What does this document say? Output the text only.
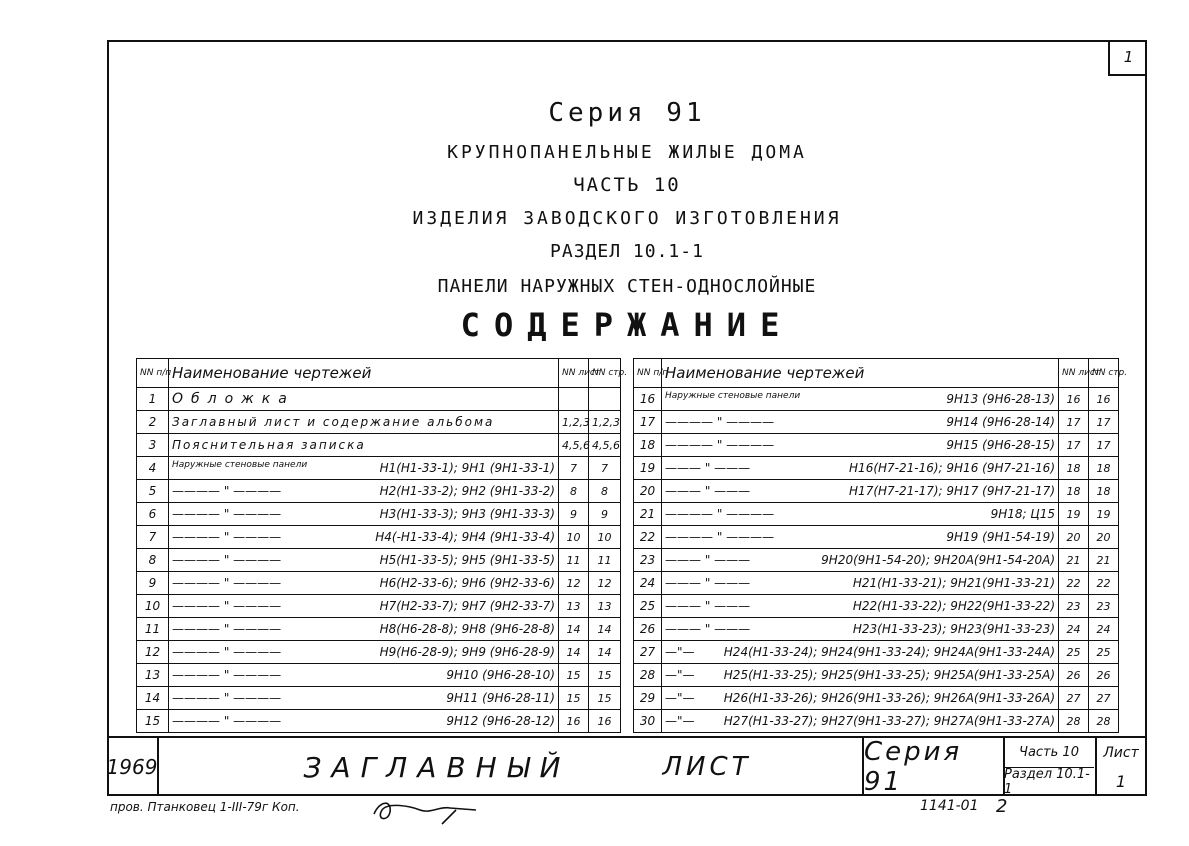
1
Серия 91
КРУПНОПАНЕЛЬНЫЕ ЖИЛЫЕ ДОМА
ЧАСТЬ 10
ИЗДЕЛИЯ ЗАВОДСКОГО ИЗГОТОВЛЕНИЯ
РАЗДЕЛ 10.1-1
ПАНЕЛИ НАРУЖНЫХ СТЕН-ОДНОСЛОЙНЫЕ
СОДЕРЖАНИЕ
NN п/п	Наименование чертежей	NN лист	NN стр.
1	Обложка		
2	Заглавный лист и содержание альбома	1,2,3	1,2,3
3	Пояснительная записка	4,5,6	4,5,6
4	Наружные стеновые панели Н1(Н1-33-1); 9Н1 (9Н1-33-1)	7	7
5	———— " ———— Н2(Н1-33-2); 9Н2 (9Н1-33-2)	8	8
6	———— " ———— Н3(Н1-33-3); 9Н3 (9Н1-33-3)	9	9
7	———— " ———— Н4(-Н1-33-4); 9Н4 (9Н1-33-4)	10	10
8	———— " ———— Н5(Н1-33-5); 9Н5 (9Н1-33-5)	11	11
9	———— " ———— Н6(Н2-33-6); 9Н6 (9Н2-33-6)	12	12
10	———— " ———— Н7(Н2-33-7); 9Н7 (9Н2-33-7)	13	13
11	———— " ———— Н8(Н6-28-8); 9Н8 (9Н6-28-8)	14	14
12	———— " ———— Н9(Н6-28-9); 9Н9 (9Н6-28-9)	14	14
13	———— " ———— 9Н10 (9Н6-28-10)	15	15
14	———— " ———— 9Н11 (9Н6-28-11)	15	15
15	———— " ———— 9Н12 (9Н6-28-12)	16	16
NN п/п	Наименование чертежей	NN лист	NN стр.
16	Наружные стеновые панели 9Н13 (9Н6-28-13)	16	16
17	———— " ———— 9Н14 (9Н6-28-14)	17	17
18	———— " ———— 9Н15 (9Н6-28-15)	17	17
19	——— " ——— Н16(Н7-21-16); 9Н16 (9Н7-21-16)	18	18
20	——— " ——— Н17(Н7-21-17); 9Н17 (9Н7-21-17)	18	18
21	———— " ———— 9Н18; Ц15	19	19
22	———— " ———— 9Н19 (9Н1-54-19)	20	20
23	——— " ——— 9Н20(9Н1-54-20); 9Н20А(9Н1-54-20А)	21	21
24	——— " ——— Н21(Н1-33-21); 9Н21(9Н1-33-21)	22	22
25	——— " ——— Н22(Н1-33-22); 9Н22(9Н1-33-22)	23	23
26	——— " ——— Н23(Н1-33-23); 9Н23(9Н1-33-23)	24	24
27	—"— Н24(Н1-33-24); 9Н24(9Н1-33-24); 9Н24А(9Н1-33-24А)	25	25
28	—"— Н25(Н1-33-25); 9Н25(9Н1-33-25); 9Н25А(9Н1-33-25А)	26	26
29	—"— Н26(Н1-33-26); 9Н26(9Н1-33-26); 9Н26А(9Н1-33-26А)	27	27
30	—"— Н27(Н1-33-27); 9Н27(9Н1-33-27); 9Н27А(9Н1-33-27А)	28	28
1969	ЗАГЛАВНЫЙ	ЛИСТ	Серия 91
Часть 10
Раздел 10.1-1
Лист
1
пров. Птанковец 1-III-79г Коп.	1141-01 2
